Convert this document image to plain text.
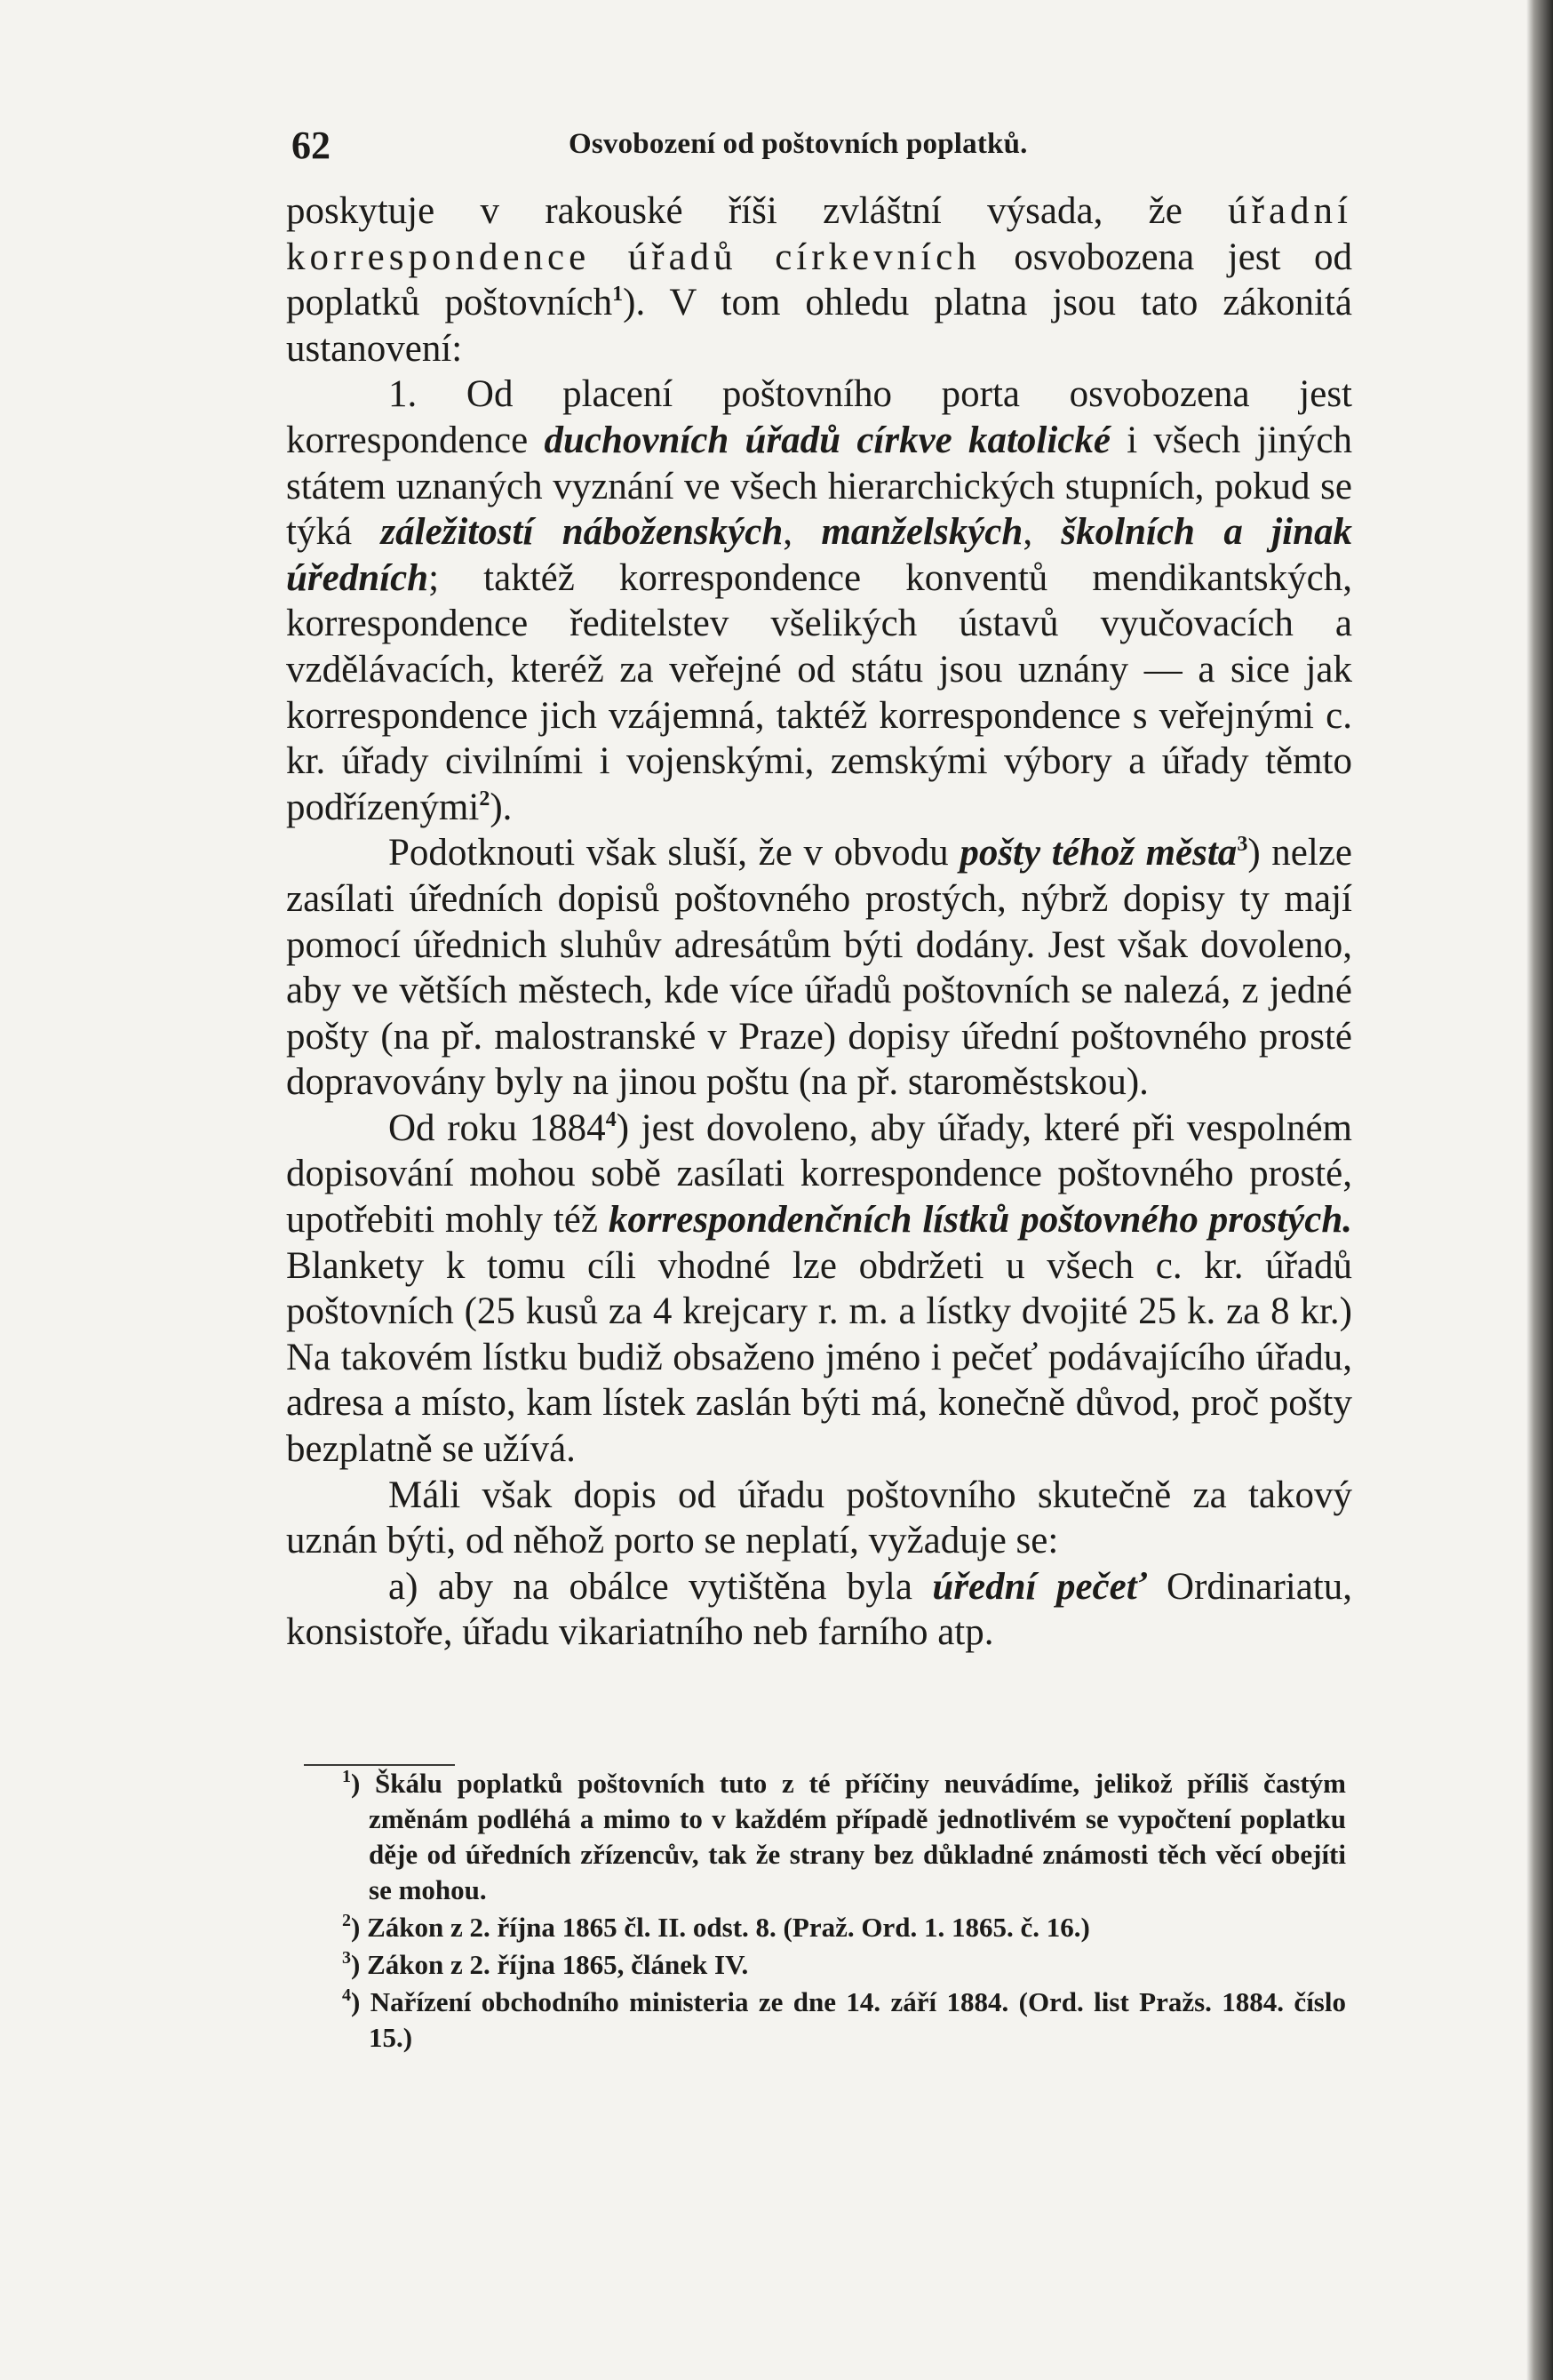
62	Osvobození od poštovních poplatků.

poskytuje v rakouské říši zvláštní výsada, že úřadní korrespondence úřadů církevních osvobozena jest od poplatků poštovních$^1$). V tom ohledu platna jsou tato zákonitá ustanovení:

1. Od placení poštovního porta osvobozena jest korrespondence duchovních úřadů církve katolické i všech jiných státem uznaných vyznání ve všech hierarchických stupních, pokud se týká záležitostí náboženských, manželských, školních a jinak úředních; taktéž korrespondence konventů mendikantských, korrespondence ředitelstev všelikých ústavů vyučovacích a vzdělávacích, kteréž za veřejné od státu jsou uznány — a sice jak korrespondence jich vzájemná, taktéž korrespondence s veřejnými c. kr. úřady civilními i vojenskými, zemskými výbory a úřady těmto podřízenými$^2$).

Podotknouti však sluší, že v obvodu pošty téhož města$^3$) nelze zasílati úředních dopisů poštovného prostých, nýbrž dopisy ty mají pomocí úřednich sluhův adresátům býti dodány. Jest však dovoleno, aby ve větších městech, kde více úřadů poštovních se nalezá, z jedné pošty (na př. malostranské v Praze) dopisy úřední poštovného prosté dopravovány byly na jinou poštu (na př. staroměstskou).

Od roku 1884$^4$) jest dovoleno, aby úřady, které při vespolném dopisování mohou sobě zasílati korrespondence poštovného prosté, upotřebiti mohly též korrespondenčních lístků poštovného prostých. Blankety k tomu cíli vhodné lze obdržeti u všech c. kr. úřadů poštovních (25 kusů za 4 krejcary r. m. a lístky dvojité 25 k. za 8 kr.) Na takovém lístku budiž obsaženo jméno i pečeť podávajícího úřadu, adresa a místo, kam lístek zaslán býti má, konečně důvod, proč pošty bezplatně se užívá.

Máli však dopis od úřadu poštovního skutečně za takový uznán býti, od něhož porto se neplatí, vyžaduje se:

a) aby na obálce vytištěna byla úřední pečeť Ordinariatu, konsistoře, úřadu vikariatního neb farního atp.

$^1$) Škálu poplatků poštovních tuto z té příčiny neuvádíme, jelikož příliš častým změnám podléhá a mimo to v každém případě jednotlivém se vypočtení poplatku děje od úředních zřízencův, tak že strany bez důkladné známosti těch věcí obejíti se mohou.

$^2$) Zákon z 2. října 1865 čl. II. odst. 8. (Praž. Ord. 1. 1865. č. 16.)

$^3$) Zákon z 2. října 1865, článek IV.

$^4$) Nařízení obchodního ministeria ze dne 14. září 1884. (Ord. list Pražs. 1884. číslo 15.)
